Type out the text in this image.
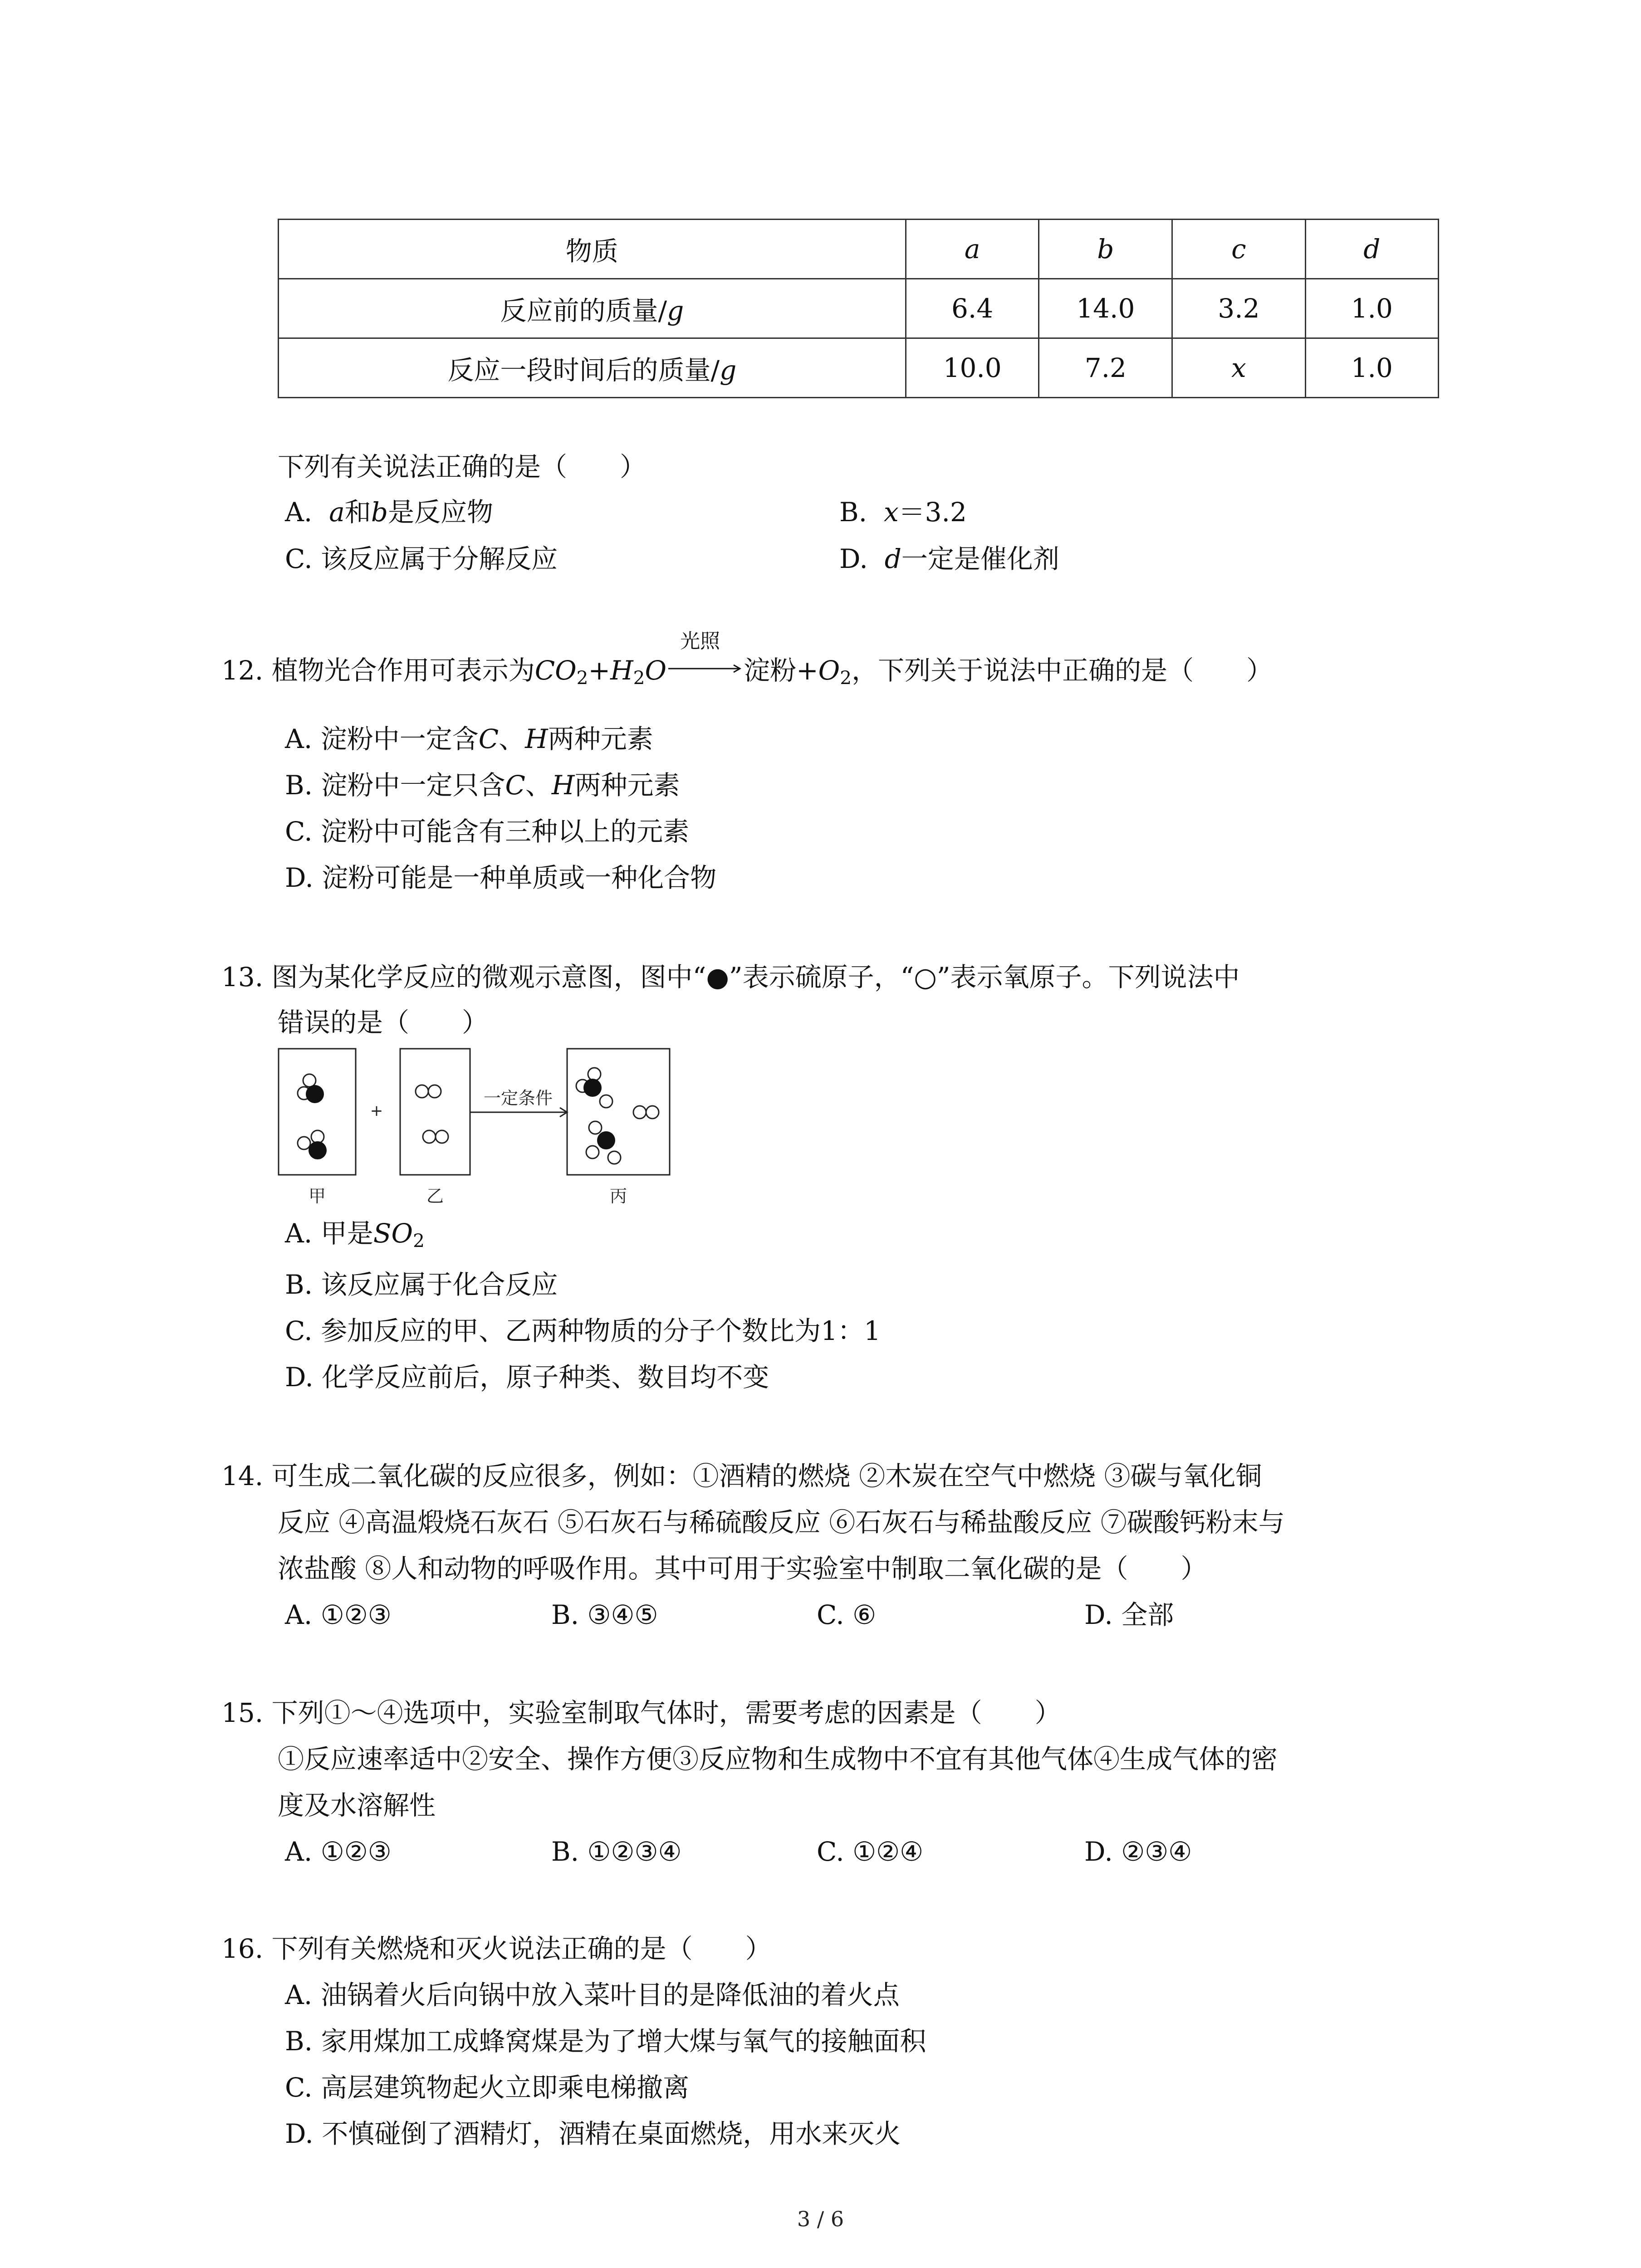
物质	a	b	c	d
反应前的质量/g	6.4	14.0	3.2	1.0
反应一段时间后的质量/g	10.0	7.2	x	1.0
下列有关说法正确的是（　　）
A. a和b是反应物	B. x＝3.2
C. 该反应属于分解反应	D. d一定是催化剂
12. 植物光合作用可表示为$CO_2+H_2O$
光照
淀粉$+O_2$，下列关于说法中正确的是（　　）
A. 淀粉中一定含C、H两种元素
B. 淀粉中一定只含C、H两种元素
C. 淀粉中可能含有三种以上的元素
D. 淀粉可能是一种单质或一种化合物
13. 图为某化学反应的微观示意图，图中“●”表示硫原子，“○”表示氧原子。下列说法中
错误的是（　　）
+
一定条件
甲	乙	丙
A. 甲是$SO_2$
B. 该反应属于化合反应
C. 参加反应的甲、乙两种物质的分子个数比为1：1
D. 化学反应前后，原子种类、数目均不变
14. 可生成二氧化碳的反应很多，例如：①酒精的燃烧 ②木炭在空气中燃烧 ③碳与氧化铜
反应 ④高温煅烧石灰石 ⑤石灰石与稀硫酸反应 ⑥石灰石与稀盐酸反应 ⑦碳酸钙粉末与
浓盐酸 ⑧人和动物的呼吸作用。其中可用于实验室中制取二氧化碳的是（　　）
A. ①②③	B. ③④⑤	C. ⑥	D. 全部
15. 下列①～④选项中，实验室制取气体时，需要考虑的因素是（　　）
①反应速率适中②安全、操作方便③反应物和生成物中不宜有其他气体④生成气体的密
度及水溶解性
A. ①②③	B. ①②③④	C. ①②④	D. ②③④
16. 下列有关燃烧和灭火说法正确的是（　　）
A. 油锅着火后向锅中放入菜叶目的是降低油的着火点
B. 家用煤加工成蜂窝煤是为了增大煤与氧气的接触面积
C. 高层建筑物起火立即乘电梯撤离
D. 不慎碰倒了酒精灯，酒精在桌面燃烧，用水来灭火
3 / 6
